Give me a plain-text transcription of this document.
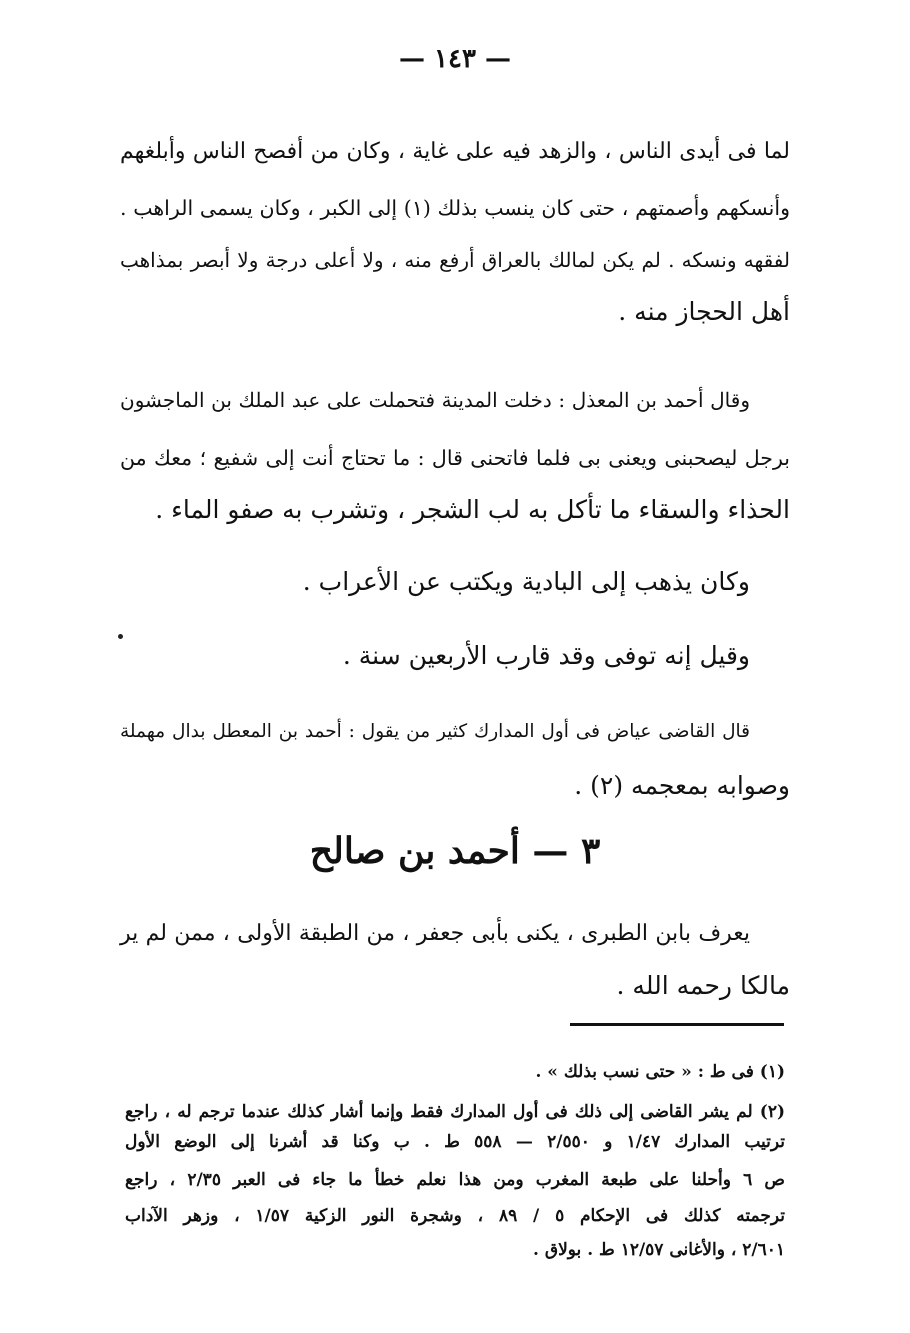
— ١٤٣ —
لما فى أيدى الناس ، والزهد فيه على غاية ، وكان من أفصح الناس وأبلغهم
وأنسكهم وأصمتهم ، حتى كان ينسب بذلك (١) إلى الكبر ، وكان يسمى الراهب .
لفقهه ونسكه . لم يكن لمالك بالعراق أرفع منه ، ولا أعلى درجة ولا أبصر بمذاهب
أهل الحجاز منه .
وقال أحمد بن المعذل : دخلت المدينة فتحملت على عبد الملك بن الماجشون
برجل ليصحبنى ويعنى بى فلما فاتحنى قال : ما تحتاج أنت إلى شفيع ؛ معك من
الحذاء والسقاء ما تأكل به لب الشجر ، وتشرب به صفو الماء .
وكان يذهب إلى البادية ويكتب عن الأعراب .
وقيل إنه توفى وقد قارب الأربعين سنة .
قال القاضى عياض فى أول المدارك كثير من يقول : أحمد بن المعطل بدال مهملة
وصوابه بمعجمه (٢) .
٣ — أحمد بن صالح
يعرف بابن الطبرى ، يكنى بأبى جعفر ، من الطبقة الأولى ، ممن لم ير
مالكا رحمه الله .
(١) فى ط : « حتى نسب بذلك » .
(٢) لم يشر القاضى إلى ذلك فى أول المدارك فقط وإنما أشار كذلك عندما ترجم له ، راجع
ترتيب المدارك ١/٤٧ و ٢/٥٥٠ — ٥٥٨ ط . ب وكنا قد أشرنا إلى الوضع الأول
ص ٦ وأحلنا على طبعة المغرب ومن هذا نعلم خطأ ما جاء فى العبر ٢/٣٥ ، راجع
ترجمته كذلك فى الإحكام ٥ / ٨٩ ، وشجرة النور الزكية ١/٥٧ ، وزهر الآداب
٢/٦٠١ ، والأغانى ١٢/٥٧ ط . بولاق .
